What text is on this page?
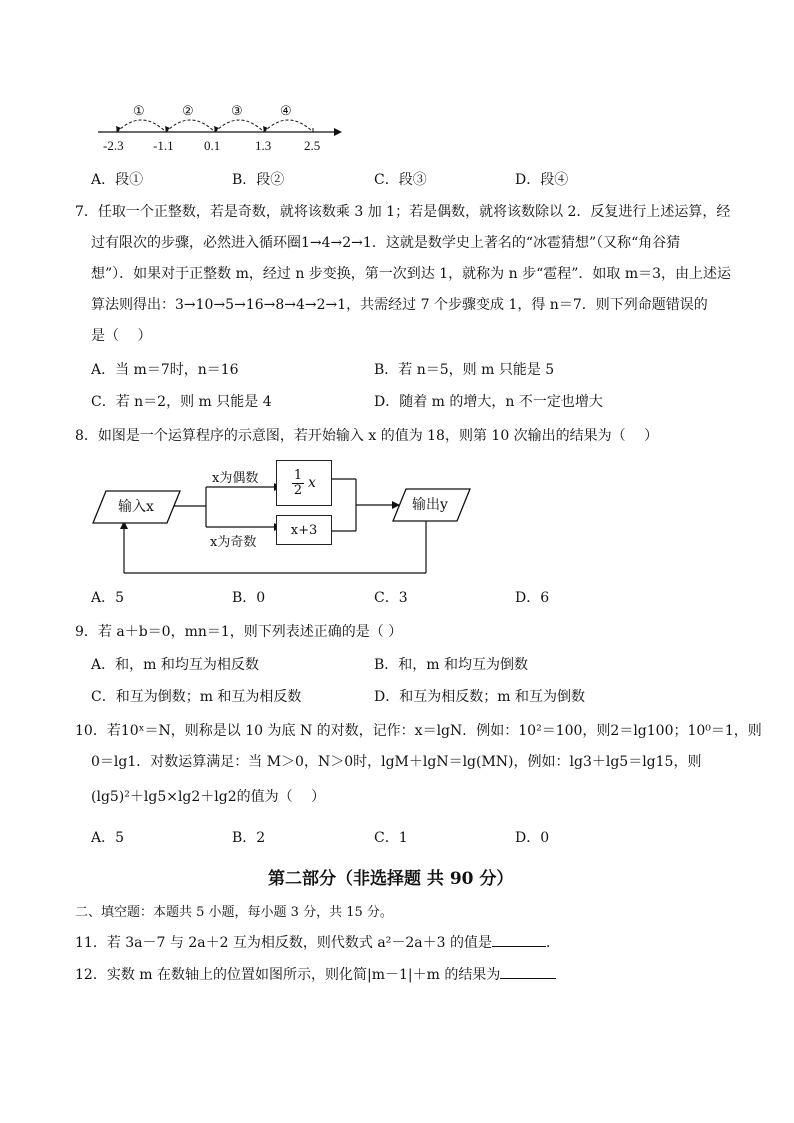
①	②	③	④
-2.3 -1.1 0.1	1.3	2.5
A．段①	B．段②	C．段③	D．段④
7．任取一个正整数，若是奇数，就将该数乘 3 加 1；若是偶数，就将该数除以 2．反复进行上述运算，经
过有限次的步骤，必然进入循环圈1→4→2→1．这就是数学史上著名的“冰雹猜想”（又称“角谷猜
想”）．如果对于正整数 m，经过 n 步变换，第一次到达 1，就称为 n 步“雹程”．如取 m＝3，由上述运
算法则得出：3→10→5→16→8→4→2→1，共需经过 7 个步骤变成 1，得 n＝7．则下列命题错误的
是（　 ）
A．当 m＝7时，n＝16	B．若 n＝5，则 m 只能是 5
C．若 n＝2，则 m 只能是 4	D．随着 m 的增大，n 不一定也增大
8．如图是一个运算程序的示意图，若开始输入 x 的值为 18，则第 10 次输出的结果为（　 ）
输入x	输出y
$\frac{1}{2}$ x
x+3
x为偶数
x为奇数
A．5	B．0	C．3	D．6
9．若 a＋b＝0，mn＝1，则下列表述正确的是（ ）
A．和，m 和均互为相反数	B．和，m 和均互为倒数
C．和互为倒数；m 和互为相反数	D．和互为相反数；m 和互为倒数
10．若10ˣ＝N，则称是以 10 为底 N 的对数，记作：x＝lgN．例如：10²＝100，则2＝lg100；10⁰＝1，则
0＝lg1．对数运算满足：当 M＞0，N＞0时，lgM＋lgN＝lg(MN)，例如：lg3＋lg5＝lg15，则
(lg5)²＋lg5×lg2＋lg2的值为（　 ）
A．5	B．2	C．1	D．0
第二部分（非选择题 共 90 分）
二、填空题：本题共 5 小题，每小题 3 分，共 15 分。
11．若 3a－7 与 2a＋2 互为相反数，则代数式 a²－2a＋3 的值是	．
12．实数 m 在数轴上的位置如图所示，则化简|m－1|＋m 的结果为
